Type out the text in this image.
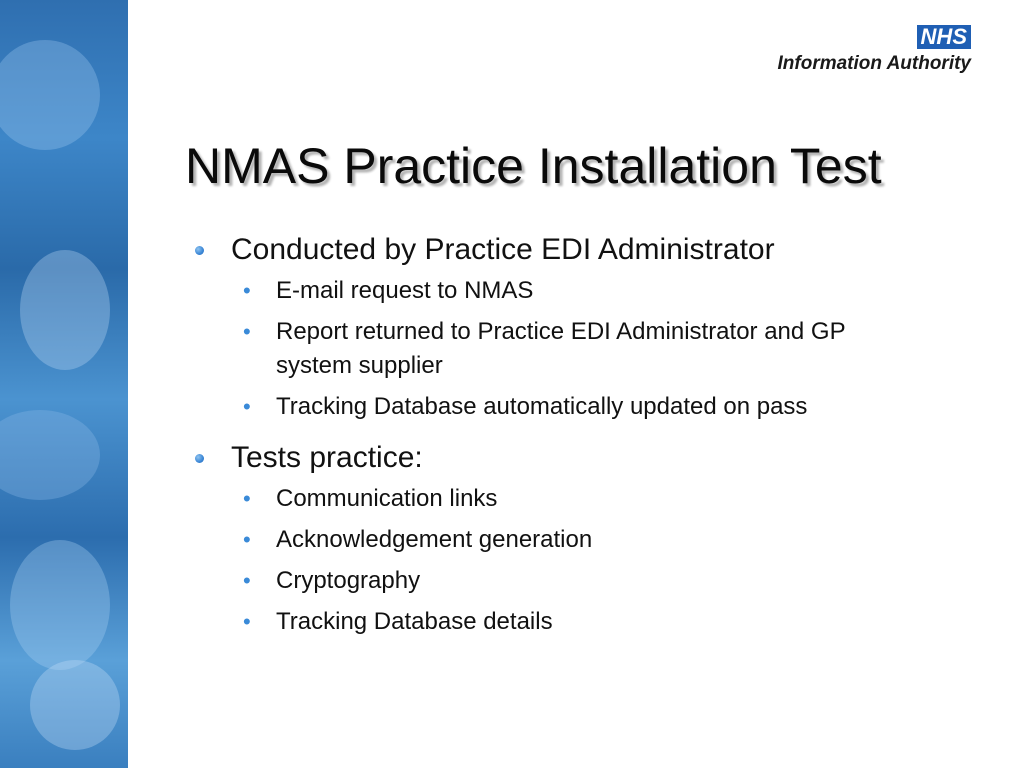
NHS
Information Authority
NMAS Practice Installation Test
Conducted by Practice EDI Administrator
• E-mail request to NMAS
• Report returned to Practice EDI Administrator and GP system supplier
• Tracking Database automatically updated on pass
Tests practice:
• Communication links
• Acknowledgement generation
• Cryptography
• Tracking Database details
